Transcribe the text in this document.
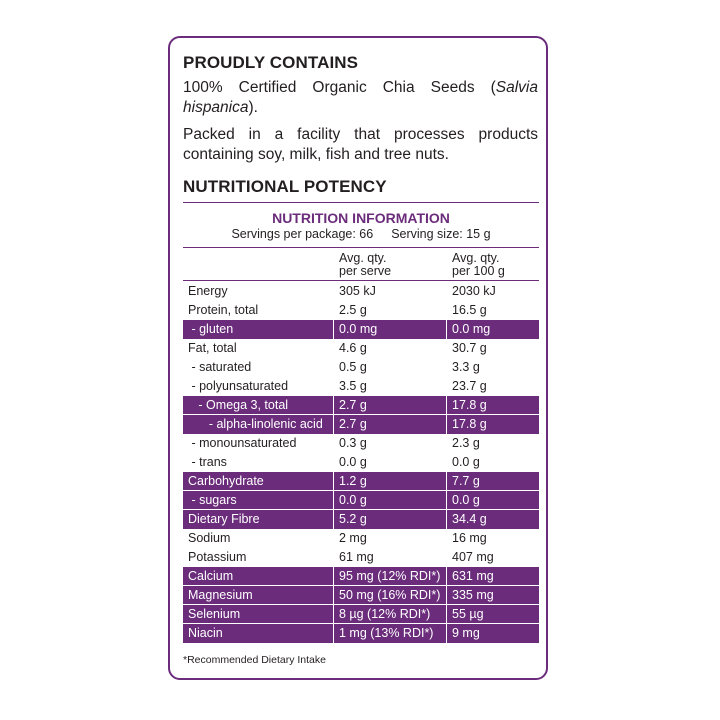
PROUDLY CONTAINS
100% Certified Organic Chia Seeds (Salvia hispanica).
Packed in a facility that processes products containing soy, milk, fish and tree nuts.
NUTRITIONAL POTENCY
NUTRITION INFORMATION
Servings per package: 66 Serving size: 15 g
Avg. qty.
per serve
Avg. qty.
per 100 g
Energy	305 kJ	2030 kJ
Protein, total	2.5 g	16.5 g
- gluten	0.0 mg	0.0 mg
Fat, total	4.6 g	30.7 g
- saturated	0.5 g	3.3 g
- polyunsaturated	3.5 g	23.7 g
- Omega 3, total	2.7 g	17.8 g
- alpha-linolenic acid 2.7 g	17.8 g
- monounsaturated	0.3 g	2.3 g
- trans	0.0 g	0.0 g
Carbohydrate	1.2 g	7.7 g
- sugars	0.0 g	0.0 g
Dietary Fibre	5.2 g	34.4 g
Sodium	2 mg	16 mg
Potassium	61 mg	407 mg
Calcium	95 mg (12% RDI*) 631 mg
Magnesium	50 mg (16% RDI*) 335 mg
Selenium	8 µg (12% RDI*) 55 µg
Niacin	1 mg (13% RDI*) 9 mg
*Recommended Dietary Intake
